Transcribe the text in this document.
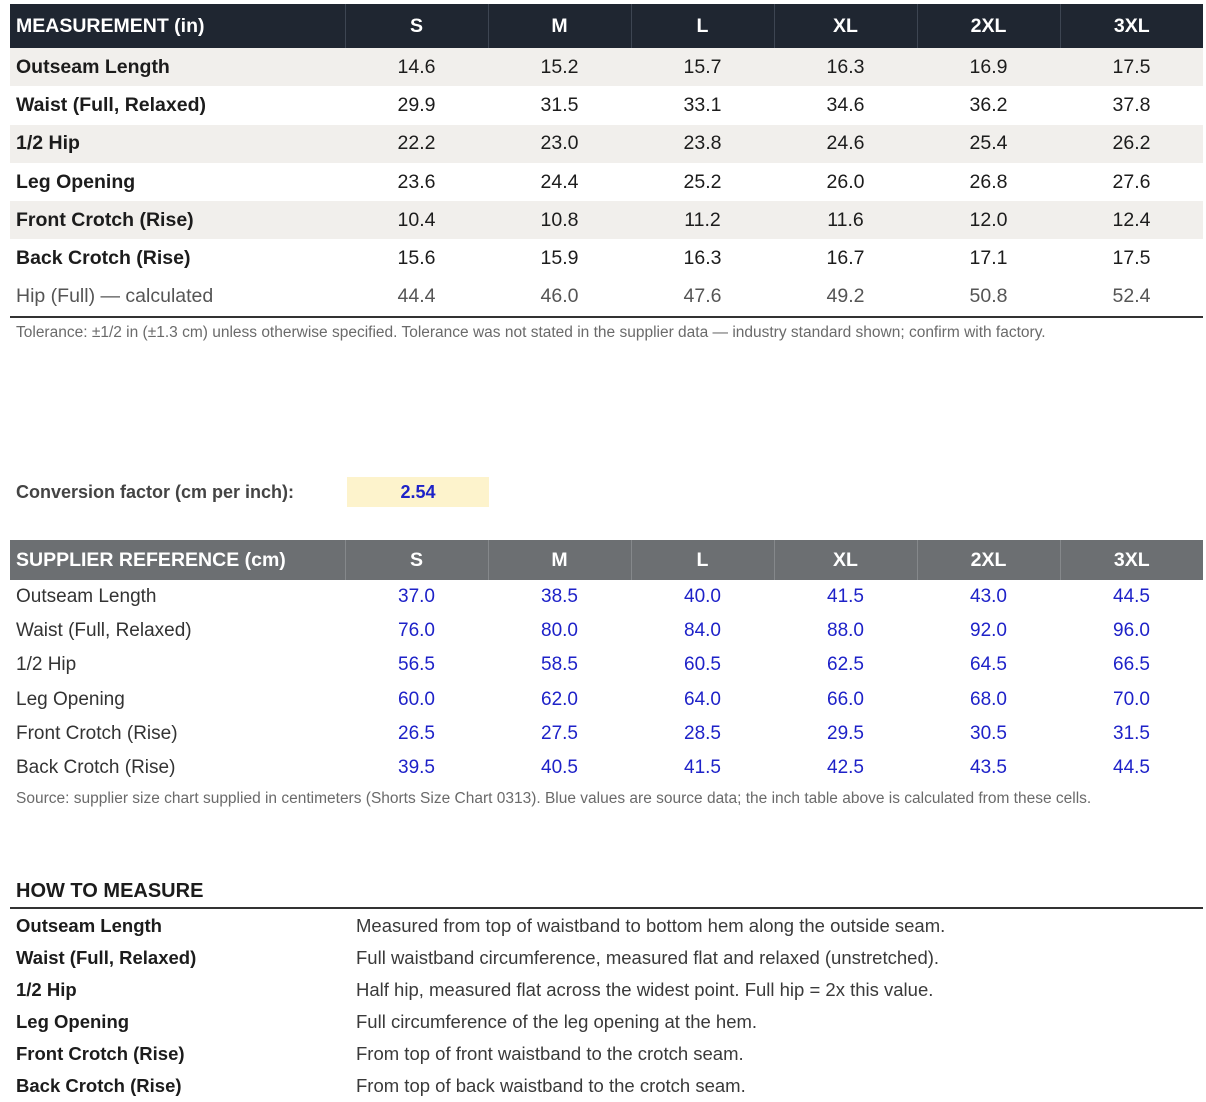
MEASUREMENT (in)	S	M	L	XL	2XL	3XL
Outseam Length	14.6	15.2	15.7	16.3	16.9	17.5
Waist (Full, Relaxed)	29.9	31.5	33.1	34.6	36.2	37.8
1/2 Hip	22.2	23.0	23.8	24.6	25.4	26.2
Leg Opening	23.6	24.4	25.2	26.0	26.8	27.6
Front Crotch (Rise)	10.4	10.8	11.2	11.6	12.0	12.4
Back Crotch (Rise)	15.6	15.9	16.3	16.7	17.1	17.5
Hip (Full) — calculated	44.4	46.0	47.6	49.2	50.8	52.4
Tolerance: ±1/2 in (±1.3 cm) unless otherwise specified. Tolerance was not stated in the supplier data — industry standard shown; confirm with factory.
Conversion factor (cm per inch):	2.54
SUPPLIER REFERENCE (cm)	S	M	L	XL	2XL	3XL
Outseam Length	37.0	38.5	40.0	41.5	43.0	44.5
Waist (Full, Relaxed)	76.0	80.0	84.0	88.0	92.0	96.0
1/2 Hip	56.5	58.5	60.5	62.5	64.5	66.5
Leg Opening	60.0	62.0	64.0	66.0	68.0	70.0
Front Crotch (Rise)	26.5	27.5	28.5	29.5	30.5	31.5
Back Crotch (Rise)	39.5	40.5	41.5	42.5	43.5	44.5
Source: supplier size chart supplied in centimeters (Shorts Size Chart 0313). Blue values are source data; the inch table above is calculated from these cells.
HOW TO MEASURE
Outseam Length	Measured from top of waistband to bottom hem along the outside seam.
Waist (Full, Relaxed)	Full waistband circumference, measured flat and relaxed (unstretched).
1/2 Hip	Half hip, measured flat across the widest point. Full hip = 2x this value.
Leg Opening	Full circumference of the leg opening at the hem.
Front Crotch (Rise)	From top of front waistband to the crotch seam.
Back Crotch (Rise)	From top of back waistband to the crotch seam.
